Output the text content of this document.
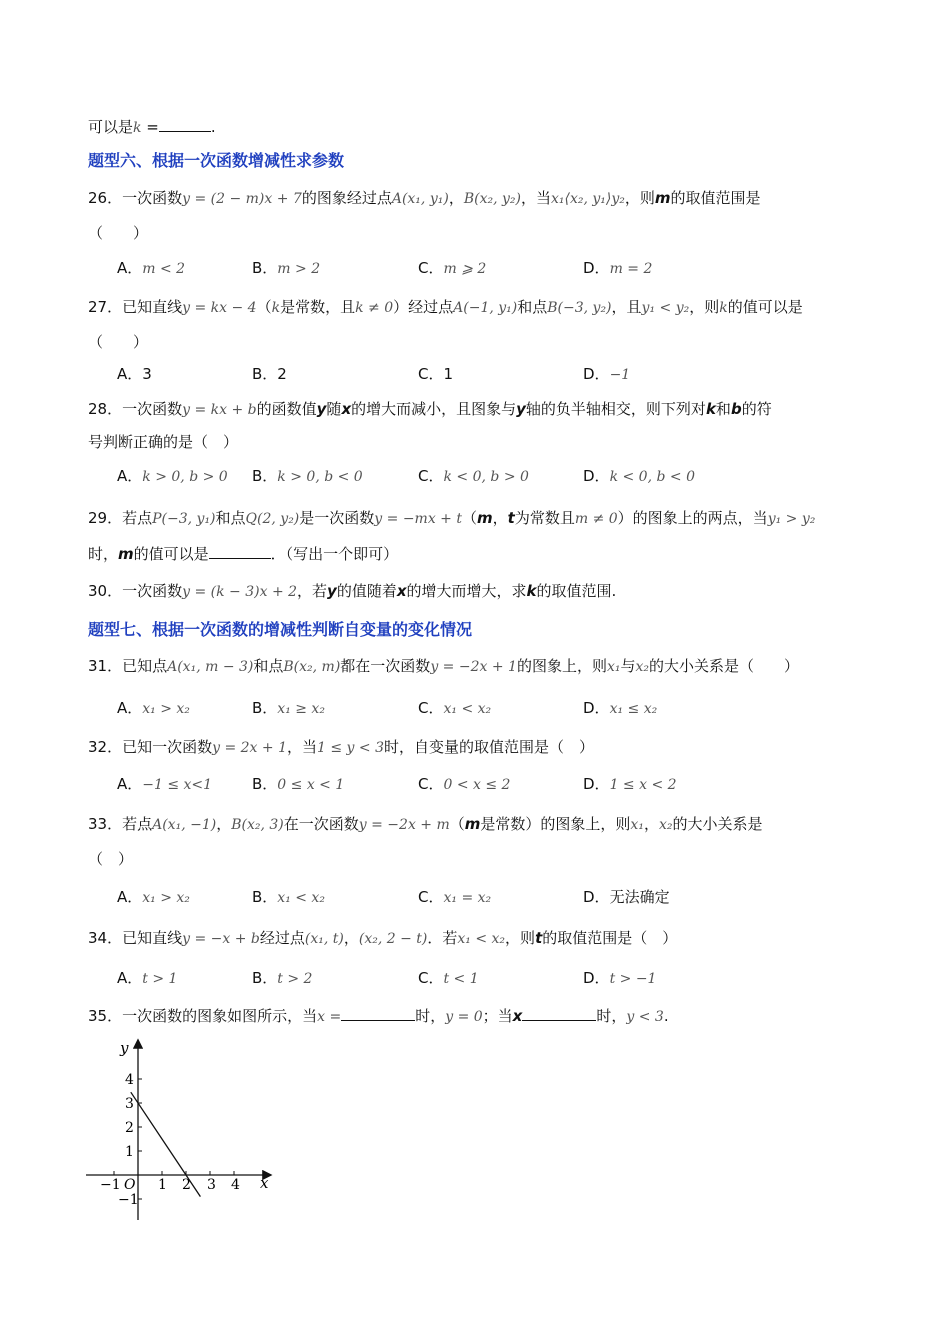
可以是k =	.
题型六、根据一次函数增减性求参数
26．一次函数y = (2 − m)x + 7的图象经过点A(x₁, y₁)，B(x₂, y₂)，当x₁⟨x₂, y₁⟩y₂，则m的取值范围是
（　　）
A．m < 2	B．m > 2	C．m ⩾ 2	D．m = 2
27．已知直线y = kx − 4（k是常数，且k ≠ 0）经过点A(−1, y₁)和点B(−3, y₂)，且y₁ < y₂，则k的值可以是
（　　）
A．3	B．2	C．1	D．−1
28．一次函数y = kx + b的函数值y随x的增大而减小，且图象与y轴的负半轴相交，则下列对k和b的符
号判断正确的是（　）
A．k > 0, b > 0 B．k > 0, b < 0	C．k < 0, b > 0	D．k < 0, b < 0
29．若点P(−3, y₁)和点Q(2, y₂)是一次函数y = −mx + t（m，t为常数且m ≠ 0）的图象上的两点，当y₁ > y₂
时，m的值可以是	．（写出一个即可）
30．一次函数y = (k − 3)x + 2，若y的值随着x的增大而增大，求k的取值范围.
题型七、根据一次函数的增减性判断自变量的变化情况
31．已知点A(x₁, m − 3)和点B(x₂, m)都在一次函数y = −2x + 1的图象上，则x₁与x₂的大小关系是（　　）
A．x₁ > x₂	B．x₁ ≥ x₂	C．x₁ < x₂	D．x₁ ≤ x₂
32．已知一次函数y = 2x + 1，当1 ≤ y < 3时，自变量的取值范围是（　）
A．−1 ≤ x<1	B．0 ≤ x < 1	C．0 < x ≤ 2	D．1 ≤ x < 2
33．若点A(x₁, −1)，B(x₂, 3)在一次函数y = −2x + m（m是常数）的图象上，则x₁，x₂的大小关系是
（　）
A．x₁ > x₂	B．x₁ < x₂	C．x₁ = x₂	D．无法确定
34．已知直线y = −x + b经过点(x₁, t)，(x₂, 2 − t)．若x₁ < x₂，则t的取值范围是（　）
A．t > 1	B．t > 2	C．t < 1	D．t > −1
35．一次函数的图象如图所示，当x =	时，y = 0；当x	时，y < 3.
y
x
O
−1	1 2 3 4
4
3
2
1
−1
